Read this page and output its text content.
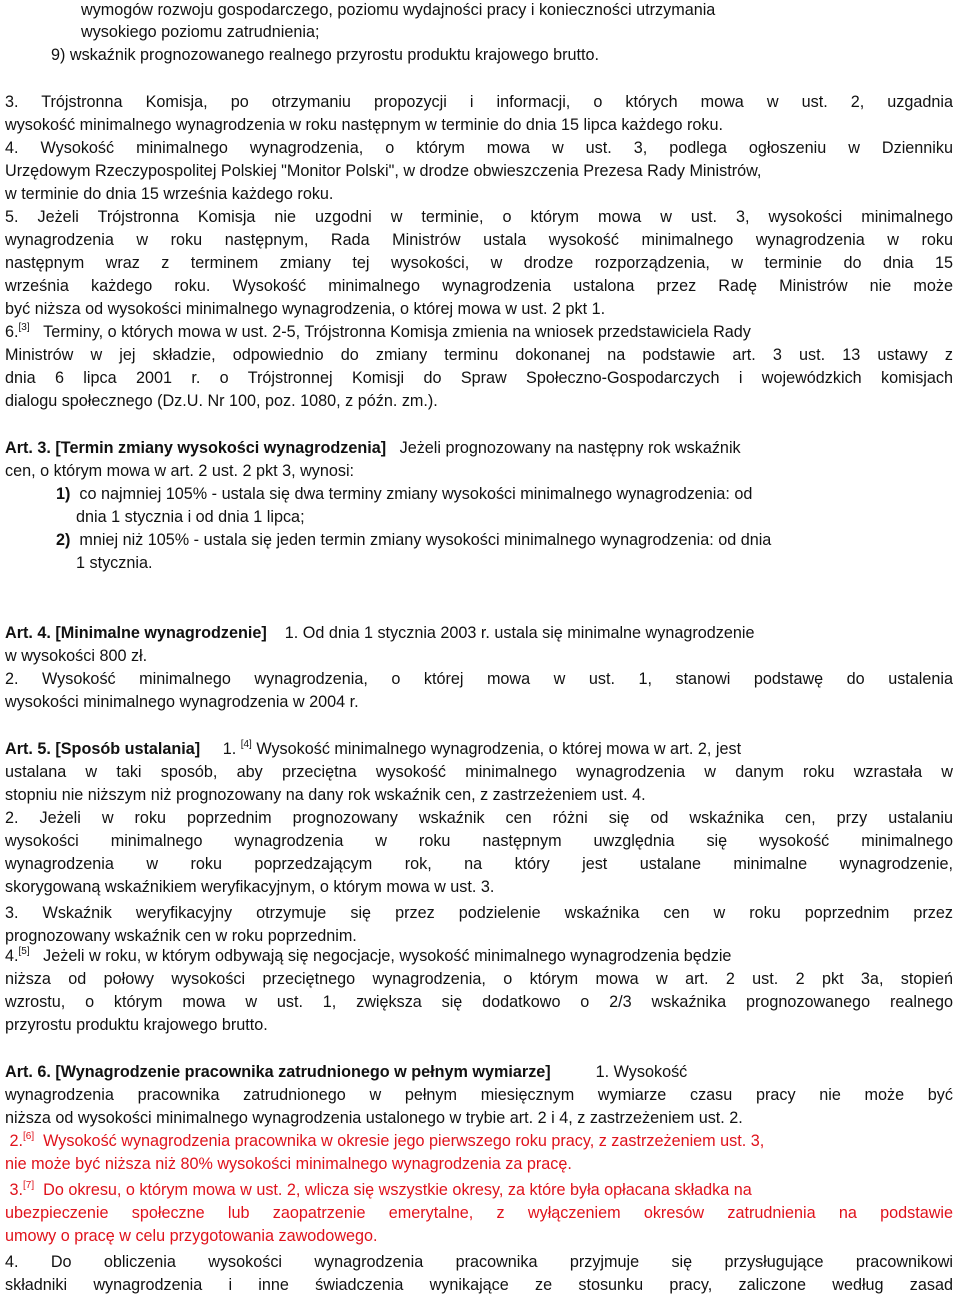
wymogów rozwoju gospodarczego, poziomu wydajności pracy i konieczności utrzymania

wysokiego poziomu zatrudnienia;

9) wskaźnik prognozowanego realnego przyrostu produktu krajowego brutto.

3. Trójstronna Komisja, po otrzymaniu propozycji i informacji, o których mowa w ust. 2, uzgadnia

wysokość minimalnego wynagrodzenia w roku następnym w terminie do dnia 15 lipca każdego roku.

4. Wysokość minimalnego wynagrodzenia, o którym mowa w ust. 3, podlega ogłoszeniu w Dzienniku

Urzędowym Rzeczypospolitej Polskiej "Monitor Polski", w drodze obwieszczenia Prezesa Rady Ministrów,

w terminie do dnia 15 września każdego roku.

5. Jeżeli Trójstronna Komisja nie uzgodni w terminie, o którym mowa w ust. 3, wysokości minimalnego

wynagrodzenia w roku następnym, Rada Ministrów ustala wysokość minimalnego wynagrodzenia w roku

następnym wraz z terminem zmiany tej wysokości, w drodze rozporządzenia, w terminie do dnia 15

września każdego roku. Wysokość minimalnego wynagrodzenia ustalona przez Radę Ministrów nie może

być niższa od wysokości minimalnego wynagrodzenia, o której mowa w ust. 2 pkt 1.

6.[3] Terminy, o których mowa w ust. 2-5, Trójstronna Komisja zmienia na wniosek przedstawiciela Rady

Ministrów w jej składzie, odpowiednio do zmiany terminu dokonanej na podstawie art. 3 ust. 13 ustawy z

dnia 6 lipca 2001 r. o Trójstronnej Komisji do Spraw Społeczno-Gospodarczych i wojewódzkich komisjach

dialogu społecznego (Dz.U. Nr 100, poz. 1080, z późn. zm.).

Art. 3. [Termin zmiany wysokości wynagrodzenia] Jeżeli prognozowany na następny rok wskaźnik

cen, o którym mowa w art. 2 ust. 2 pkt 3, wynosi:

1) co najmniej 105% - ustala się dwa terminy zmiany wysokości minimalnego wynagrodzenia: od

dnia 1 stycznia i od dnia 1 lipca;

2) mniej niż 105% - ustala się jeden termin zmiany wysokości minimalnego wynagrodzenia: od dnia

1 stycznia.

Art. 4. [Minimalne wynagrodzenie] 1. Od dnia 1 stycznia 2003 r. ustala się minimalne wynagrodzenie

w wysokości 800 zł.

2. Wysokość minimalnego wynagrodzenia, o której mowa w ust. 1, stanowi podstawę do ustalenia

wysokości minimalnego wynagrodzenia w 2004 r.

Art. 5. [Sposób ustalania] 1. [4] Wysokość minimalnego wynagrodzenia, o której mowa w art. 2, jest

ustalana w taki sposób, aby przeciętna wysokość minimalnego wynagrodzenia w danym roku wzrastała w

stopniu nie niższym niż prognozowany na dany rok wskaźnik cen, z zastrzeżeniem ust. 4.

2. Jeżeli w roku poprzednim prognozowany wskaźnik cen różni się od wskaźnika cen, przy ustalaniu

wysokości minimalnego wynagrodzenia w roku następnym uwzględnia się wysokość minimalnego

wynagrodzenia w roku poprzedzającym rok, na który jest ustalane minimalne wynagrodzenie,

skorygowaną wskaźnikiem weryfikacyjnym, o którym mowa w ust. 3.

3. Wskaźnik weryfikacyjny otrzymuje się przez podzielenie wskaźnika cen w roku poprzednim przez

prognozowany wskaźnik cen w roku poprzednim.

4.[5] Jeżeli w roku, w którym odbywają się negocjacje, wysokość minimalnego wynagrodzenia będzie

niższa od połowy wysokości przeciętnego wynagrodzenia, o którym mowa w art. 2 ust. 2 pkt 3a, stopień

wzrostu, o którym mowa w ust. 1, zwiększa się dodatkowo o 2/3 wskaźnika prognozowanego realnego

przyrostu produktu krajowego brutto.

Art. 6. [Wynagrodzenie pracownika zatrudnionego w pełnym wymiarze]	1. Wysokość

wynagrodzenia pracownika zatrudnionego w pełnym miesięcznym wymiarze czasu pracy nie może być

niższa od wysokości minimalnego wynagrodzenia ustalonego w trybie art. 2 i 4, z zastrzeżeniem ust. 2.

2.[6] Wysokość wynagrodzenia pracownika w okresie jego pierwszego roku pracy, z zastrzeżeniem ust. 3,

nie może być niższa niż 80% wysokości minimalnego wynagrodzenia za pracę.

3.[7] Do okresu, o którym mowa w ust. 2, wlicza się wszystkie okresy, za które była opłacana składka na

ubezpieczenie społeczne lub zaopatrzenie emerytalne, z wyłączeniem okresów zatrudnienia na podstawie

umowy o pracę w celu przygotowania zawodowego.

4. Do obliczenia wysokości wynagrodzenia pracownika przyjmuje się przysługujące pracownikowi

składniki wynagrodzenia i inne świadczenia wynikające ze stosunku pracy, zaliczone według zasad
